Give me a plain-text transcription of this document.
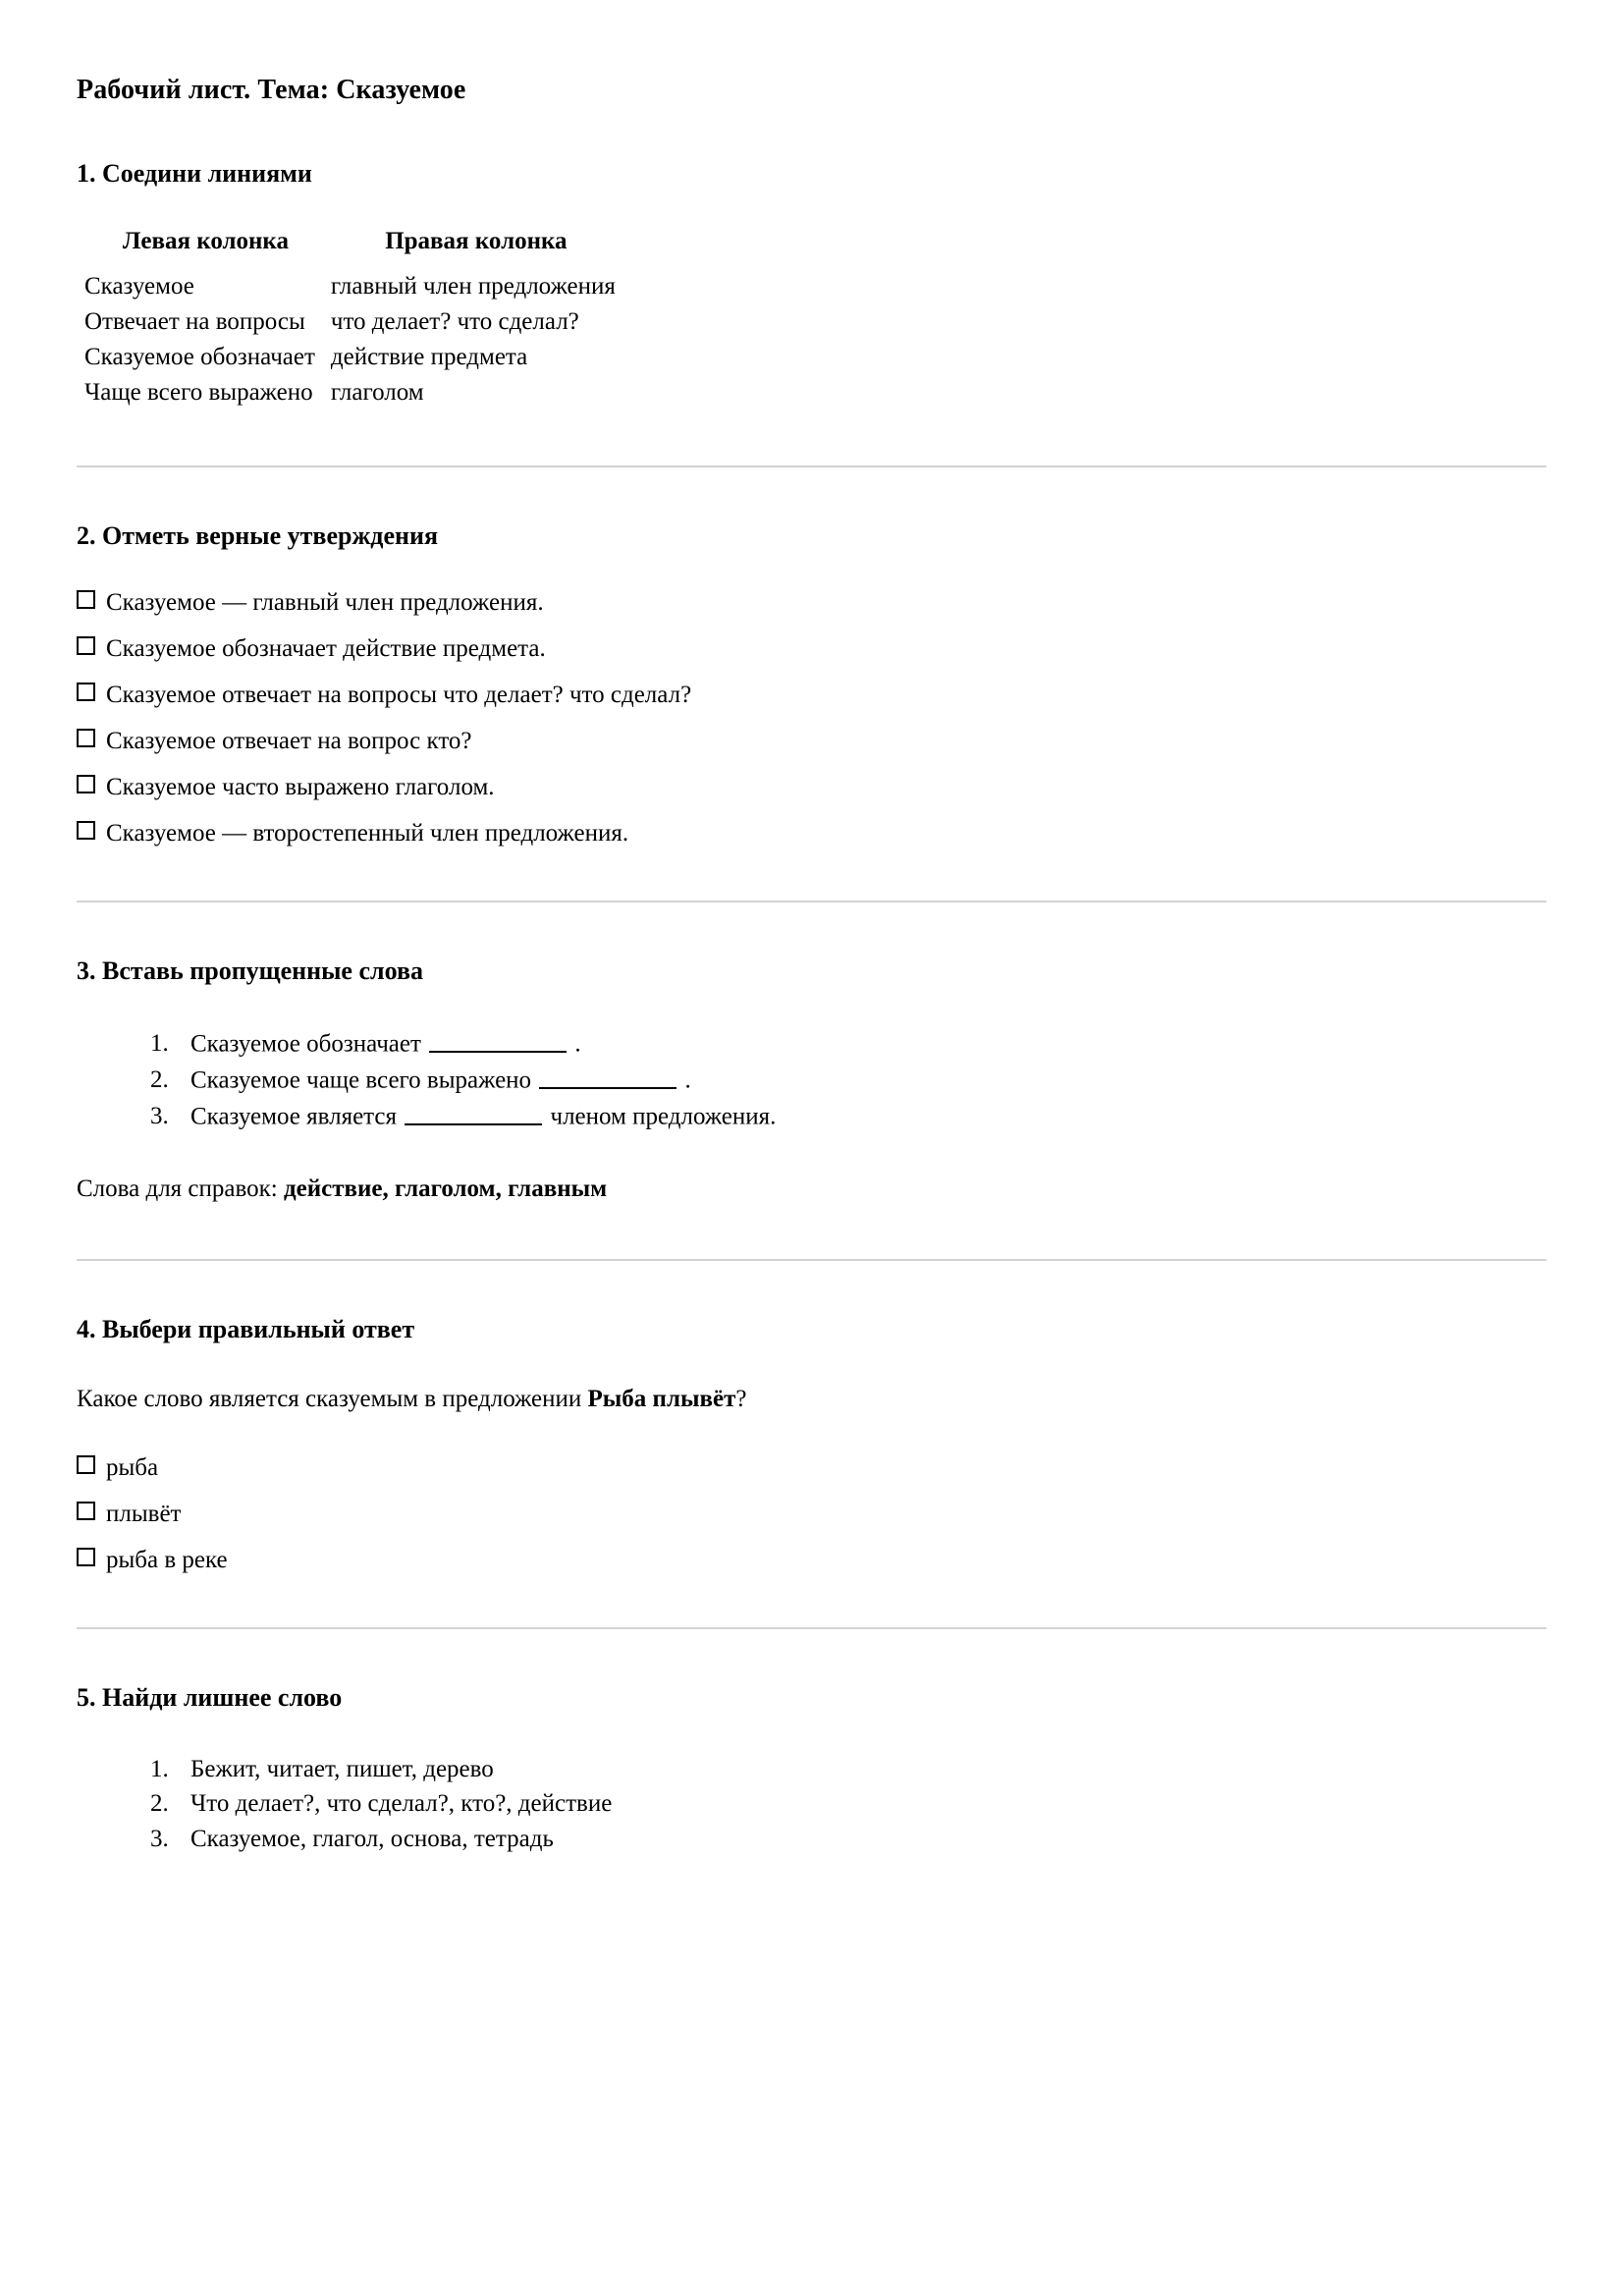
Рабочий лист. Тема: Сказуемое
1. Соедини линиями
Левая колонка	Правая колонка
Сказуемое	главный член предложения
Отвечает на вопросы	что делает? что сделал?
Сказуемое обозначает	действие предмета
Чаще всего выражено	глаголом
2. Отметь верные утверждения
Сказуемое — главный член предложения.
Сказуемое обозначает действие предмета.
Сказуемое отвечает на вопросы что делает? что сделал?
Сказуемое отвечает на вопрос кто?
Сказуемое часто выражено глаголом.
Сказуемое — второстепенный член предложения.
3. Вставь пропущенные слова
1. Сказуемое обозначает	.
2. Сказуемое чаще всего выражено	.
3. Сказуемое является	членом предложения.

Слова для справок: действие, глаголом, главным

4. Выбери правильный ответ

Какое слово является сказуемым в предложении Рыба плывёт?

рыба
плывёт
рыба в реке
5. Найди лишнее слово
1. Бежит, читает, пишет, дерево
2. Что делает?, что сделал?, кто?, действие
3. Сказуемое, глагол, основа, тетрадь
